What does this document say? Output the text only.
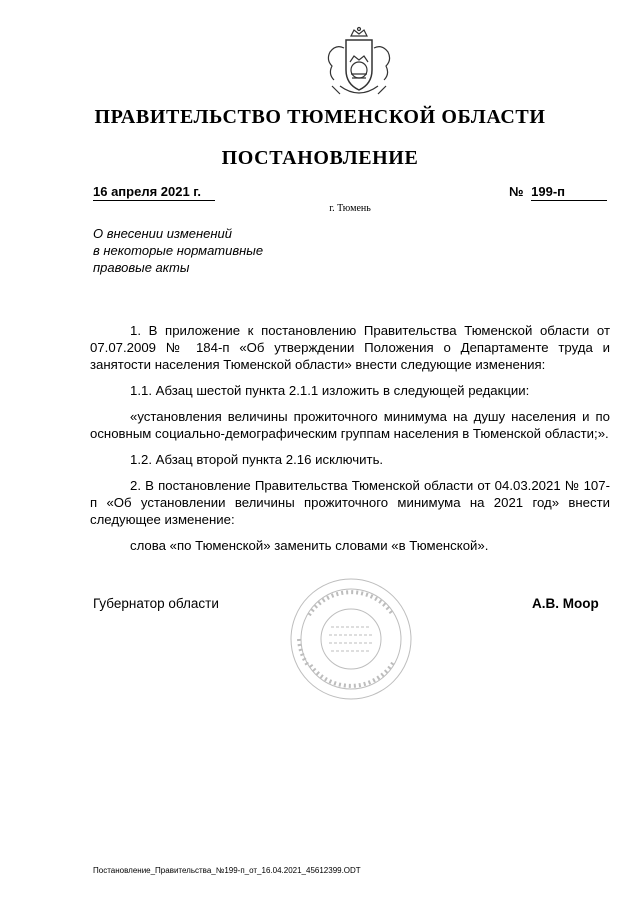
ПРАВИТЕЛЬСТВО ТЮМЕНСКОЙ ОБЛАСТИ
ПОСТАНОВЛЕНИЕ
16 апреля 2021 г.	№ 199-п
г. Тюмень
О внесении изменений
в некоторые нормативные
правовые акты

1. В приложение к постановлению Правительства Тюменской области от 07.07.2009 № 184-п «Об утверждении Положения о Департаменте труда и занятости населения Тюменской области» внести следующие изменения:

1.1. Абзац шестой пункта 2.1.1 изложить в следующей редакции:

«установления величины прожиточного минимума на душу населения и по основным социально-демографическим группам населения в Тюменской области;».

1.2. Абзац второй пункта 2.16 исключить.

2. В постановление Правительства Тюменской области от 04.03.2021 № 107-п «Об установлении величины прожиточного минимума на 2021 год» внести следующее изменение:

слова «по Тюменской» заменить словами «в Тюменской».

Губернатор области	А.В. Моор
Постановление_Правительства_№199-п_от_16.04.2021_45612399.ODT
